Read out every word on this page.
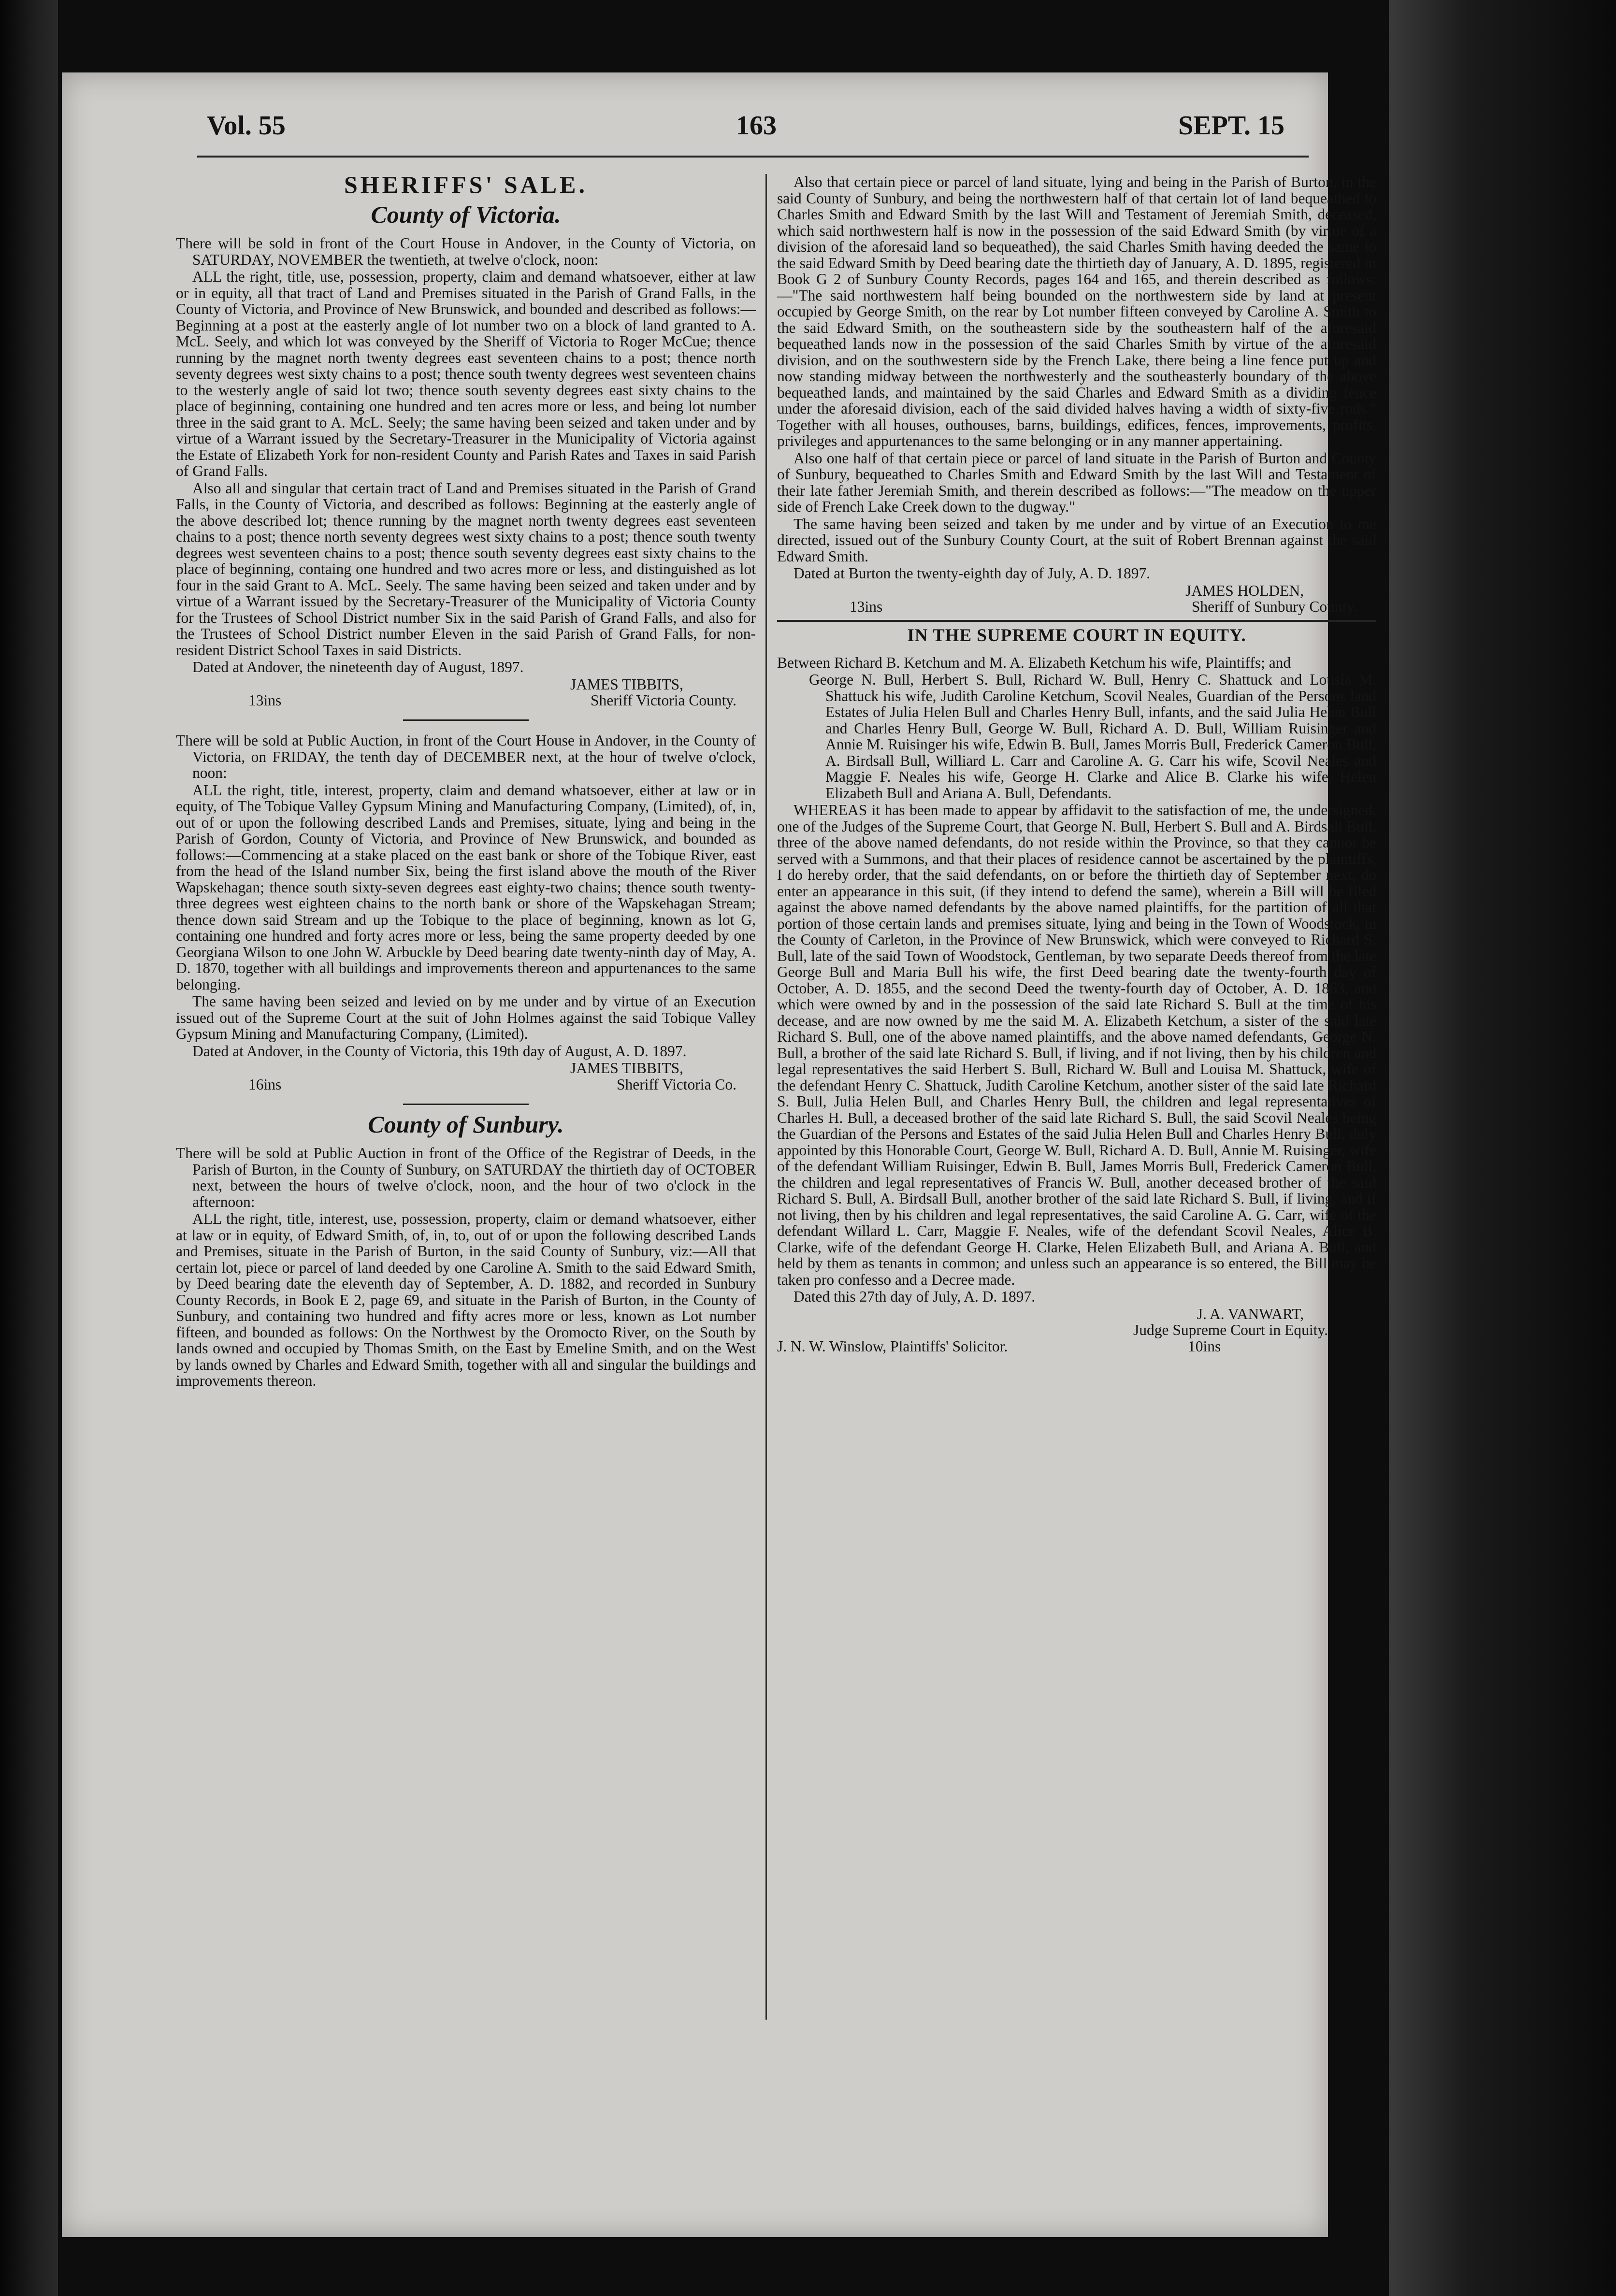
Vol. 55	163	SEPT. 15
SHERIFFS' SALE.
County of Victoria.

There will be sold in front of the Court House in Andover, in the County of Victoria, on SATURDAY, NOVEMBER the twentieth, at twelve o'clock, noon:

ALL the right, title, use, possession, property, claim and demand whatsoever, either at law or in equity, all that tract of Land and Premises situated in the Parish of Grand Falls, in the County of Victoria, and Province of New Brunswick, and bounded and described as follows:—Beginning at a post at the easterly angle of lot number two on a block of land granted to A. McL. Seely, and which lot was conveyed by the Sheriff of Victoria to Roger McCue; thence running by the magnet north twenty degrees east seventeen chains to a post; thence north seventy degrees west sixty chains to a post; thence south twenty degrees west seventeen chains to the westerly angle of said lot two; thence south seventy degrees east sixty chains to the place of beginning, containing one hundred and ten acres more or less, and being lot number three in the said grant to A. McL. Seely; the same having been seized and taken under and by virtue of a Warrant issued by the Secretary-Treasurer in the Municipality of Victoria against the Estate of Elizabeth York for non-resident County and Parish Rates and Taxes in said Parish of Grand Falls.

Also all and singular that certain tract of Land and Premises situated in the Parish of Grand Falls, in the County of Victoria, and described as follows: Beginning at the easterly angle of the above described lot; thence running by the magnet north twenty degrees east seventeen chains to a post; thence north seventy degrees west sixty chains to a post; thence south twenty degrees west seventeen chains to a post; thence south seventy degrees east sixty chains to the place of beginning, containg one hundred and two acres more or less, and distinguished as lot four in the said Grant to A. McL. Seely. The same having been seized and taken under and by virtue of a Warrant issued by the Secretary-Treasurer of the Municipality of Victoria County for the Trustees of School District number Six in the said Parish of Grand Falls, and also for the Trustees of School District number Eleven in the said Parish of Grand Falls, for non-resident District School Taxes in said Districts.

Dated at Andover, the nineteenth day of August, 1897.

JAMES TIBBITS,

13ins	Sheriff Victoria County.

There will be sold at Public Auction, in front of the Court House in Andover, in the County of Victoria, on FRIDAY, the tenth day of DECEMBER next, at the hour of twelve o'clock, noon:

ALL the right, title, interest, property, claim and demand whatsoever, either at law or in equity, of The Tobique Valley Gypsum Mining and Manufacturing Company, (Limited), of, in, out of or upon the following described Lands and Premises, situate, lying and being in the Parish of Gordon, County of Victoria, and Province of New Brunswick, and bounded as follows:—Commencing at a stake placed on the east bank or shore of the Tobique River, east from the head of the Island number Six, being the first island above the mouth of the River Wapskehagan; thence south sixty-seven degrees east eighty-two chains; thence south twenty-three degrees west eighteen chains to the north bank or shore of the Wapskehagan Stream; thence down said Stream and up the Tobique to the place of beginning, known as lot G, containing one hundred and forty acres more or less, being the same property deeded by one Georgiana Wilson to one John W. Arbuckle by Deed bearing date twenty-ninth day of May, A. D. 1870, together with all buildings and improvements thereon and appurtenances to the same belonging.

The same having been seized and levied on by me under and by virtue of an Execution issued out of the Supreme Court at the suit of John Holmes against the said Tobique Valley Gypsum Mining and Manufacturing Company, (Limited).

Dated at Andover, in the County of Victoria, this 19th day of August, A. D. 1897.

JAMES TIBBITS,

16ins	Sheriff Victoria Co.
County of Sunbury.

There will be sold at Public Auction in front of the Office of the Registrar of Deeds, in the Parish of Burton, in the County of Sunbury, on SATURDAY the thirtieth day of OCTOBER next, between the hours of twelve o'clock, noon, and the hour of two o'clock in the afternoon:

ALL the right, title, interest, use, possession, property, claim or demand whatsoever, either at law or in equity, of Edward Smith, of, in, to, out of or upon the following described Lands and Premises, situate in the Parish of Burton, in the said County of Sunbury, viz:—All that certain lot, piece or parcel of land deeded by one Caroline A. Smith to the said Edward Smith, by Deed bearing date the eleventh day of September, A. D. 1882, and recorded in Sunbury County Records, in Book E 2, page 69, and situate in the Parish of Burton, in the County of Sunbury, and containing two hundred and fifty acres more or less, known as Lot number fifteen, and bounded as follows: On the Northwest by the Oromocto River, on the South by lands owned and occupied by Thomas Smith, on the East by Emeline Smith, and on the West by lands owned by Charles and Edward Smith, together with all and singular the buildings and improvements thereon.

Also that certain piece or parcel of land situate, lying and being in the Parish of Burton, in the said County of Sunbury, and being the northwestern half of that certain lot of land bequeathed to Charles Smith and Edward Smith by the last Will and Testament of Jeremiah Smith, deceased, which said northwestern half is now in the possession of the said Edward Smith (by virtue of a division of the aforesaid land so bequeathed), the said Charles Smith having deeded the same to the said Edward Smith by Deed bearing date the thirtieth day of January, A. D. 1895, registered in Book G 2 of Sunbury County Records, pages 164 and 165, and therein described as follows:—"The said northwestern half being bounded on the northwestern side by land at present occupied by George Smith, on the rear by Lot number fifteen conveyed by Caroline A. Smith to the said Edward Smith, on the southeastern side by the southeastern half of the aforesaid bequeathed lands now in the possession of the said Charles Smith by virtue of the aforesaid division, and on the southwestern side by the French Lake, there being a line fence put up and now standing midway between the northwesterly and the southeasterly boundary of the above bequeathed lands, and maintained by the said Charles and Edward Smith as a dividing fence under the aforesaid division, each of the said divided halves having a width of sixty-five rods." Together with all houses, outhouses, barns, buildings, edifices, fences, improvements, profits, privileges and appurtenances to the same belonging or in any manner appertaining.

Also one half of that certain piece or parcel of land situate in the Parish of Burton and County of Sunbury, bequeathed to Charles Smith and Edward Smith by the last Will and Testament of their late father Jeremiah Smith, and therein described as follows:—"The meadow on the upper side of French Lake Creek down to the dugway."

The same having been seized and taken by me under and by virtue of an Execution to me directed, issued out of the Sunbury County Court, at the suit of Robert Brennan against the said Edward Smith.

Dated at Burton the twenty-eighth day of July, A. D. 1897.

JAMES HOLDEN,

13ins	Sheriff of Sunbury County.
IN THE SUPREME COURT IN EQUITY.

Between Richard B. Ketchum and M. A. Elizabeth Ketchum his wife, Plaintiffs; and

George N. Bull, Herbert S. Bull, Richard W. Bull, Henry C. Shattuck and Lousia M. Shattuck his wife, Judith Caroline Ketchum, Scovil Neales, Guardian of the Persons land Estates of Julia Helen Bull and Charles Henry Bull, infants, and the said Julia Helen Bull and Charles Henry Bull, George W. Bull, Richard A. D. Bull, William Ruisinger and Annie M. Ruisinger his wife, Edwin B. Bull, James Morris Bull, Frederick Cameron Bull, A. Birdsall Bull, Williard L. Carr and Caroline A. G. Carr his wife, Scovil Neales and Maggie F. Neales his wife, George H. Clarke and Alice B. Clarke his wife, Helen Elizabeth Bull and Ariana A. Bull, Defendants.

WHEREAS it has been made to appear by affidavit to the satisfaction of me, the undersigned, one of the Judges of the Supreme Court, that George N. Bull, Herbert S. Bull and A. Birdsall Bull, three of the above named defendants, do not reside within the Province, so that they cannot be served with a Summons, and that their places of residence cannot be ascertained by the plaintiffs, I do hereby order, that the said defendants, on or before the thirtieth day of September next, do enter an appearance in this suit, (if they intend to defend the same), wherein a Bill will be filed against the above named defendants by the above named plaintiffs, for the partition of all that portion of those certain lands and premises situate, lying and being in the Town of Woodstock, in the County of Carleton, in the Province of New Brunswick, which were conveyed to Richard S. Bull, late of the said Town of Woodstock, Gentleman, by two separate Deeds thereof from the late George Bull and Maria Bull his wife, the first Deed bearing date the twenty-fourth day of October, A. D. 1855, and the second Deed the twenty-fourth day of October, A. D. 1863, and which were owned by and in the possession of the said late Richard S. Bull at the time of his decease, and are now owned by me the said M. A. Elizabeth Ketchum, a sister of the said late Richard S. Bull, one of the above named plaintiffs, and the above named defendants, George N. Bull, a brother of the said late Richard S. Bull, if living, and if not living, then by his children and legal representatives the said Herbert S. Bull, Richard W. Bull and Louisa M. Shattuck, wife of the defendant Henry C. Shattuck, Judith Caroline Ketchum, another sister of the said late Richard S. Bull, Julia Helen Bull, and Charles Henry Bull, the children and legal representatives of Charles H. Bull, a deceased brother of the said late Richard S. Bull, the said Scovil Neales being the Guardian of the Persons and Estates of the said Julia Helen Bull and Charles Henry Bull, duly appointed by this Honorable Court, George W. Bull, Richard A. D. Bull, Annie M. Ruisinger, wife of the defendant William Ruisinger, Edwin B. Bull, James Morris Bull, Frederick Cameron Bull, the children and legal representatives of Francis W. Bull, another deceased brother of the said Richard S. Bull, A. Birdsall Bull, another brother of the said late Richard S. Bull, if living, and if not living, then by his children and legal representatives, the said Caroline A. G. Carr, wife of the defendant Willard L. Carr, Maggie F. Neales, wife of the defendant Scovil Neales, Alice B. Clarke, wife of the defendant George H. Clarke, Helen Elizabeth Bull, and Ariana A. Bull, and held by them as tenants in common; and unless such an appearance is so entered, the Bill may be taken pro confesso and a Decree made.

Dated this 27th day of July, A. D. 1897.

J. A. VANWART,

Judge Supreme Court in Equity.

J. N. W. Winslow, Plaintiffs' Solicitor.	10ins
